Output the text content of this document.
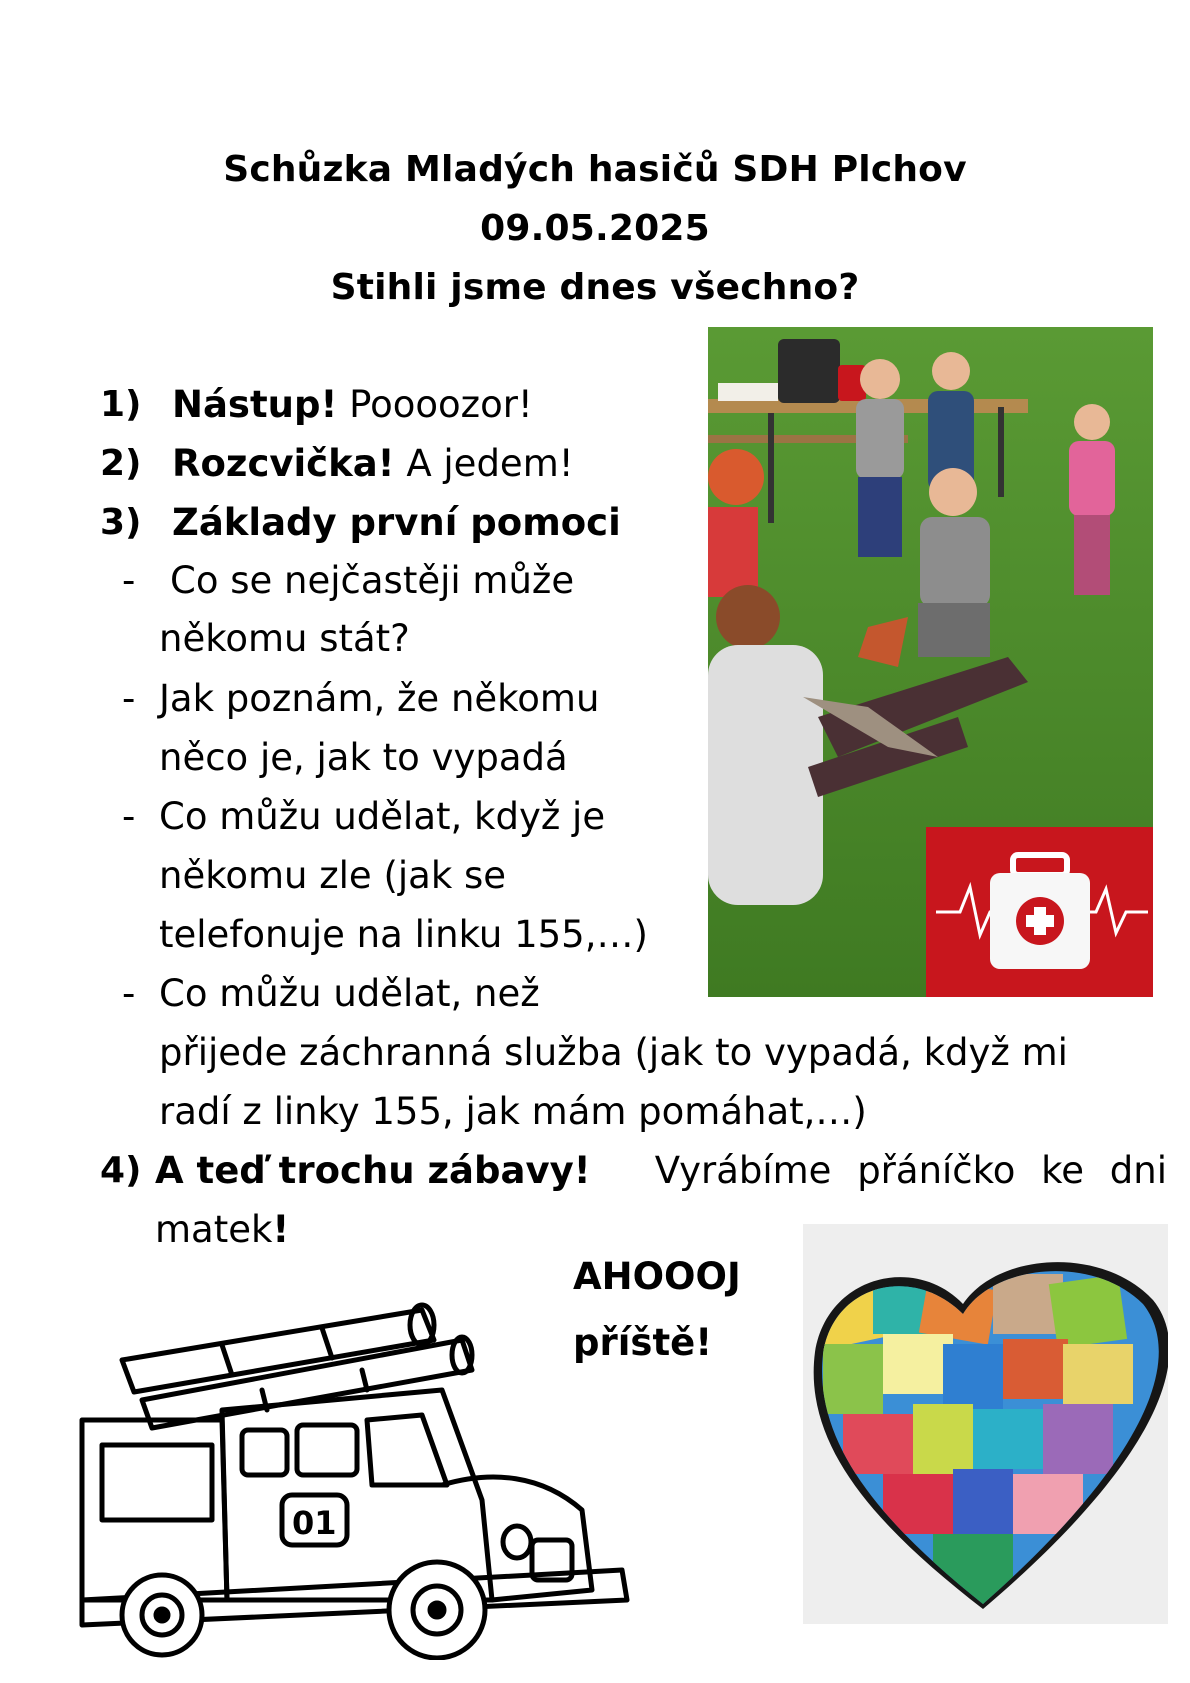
Schůzka Mladých hasičů SDH Plchov
09.05.2025
Stihli jsme dnes všechno?
1) Nástup! Poooozor!
2) Rozcvička! A jedem!
3) Základy první pomoci
- Co se nejčastěji může
někomu stát?
- Jak poznám, že někomu
něco je, jak to vypadá
- Co můžu udělat, když je
někomu zle (jak se
telefonuje na linku 155,…)
- Co můžu udělat, než
přijede záchranná služba (jak to vypadá, když mi
radí z linky 155, jak mám pomáhat,…)
4) A teď trochu zábavy! Vyrábíme přáníčko ke dni
matek!
AHOOOJ
příště!
01
